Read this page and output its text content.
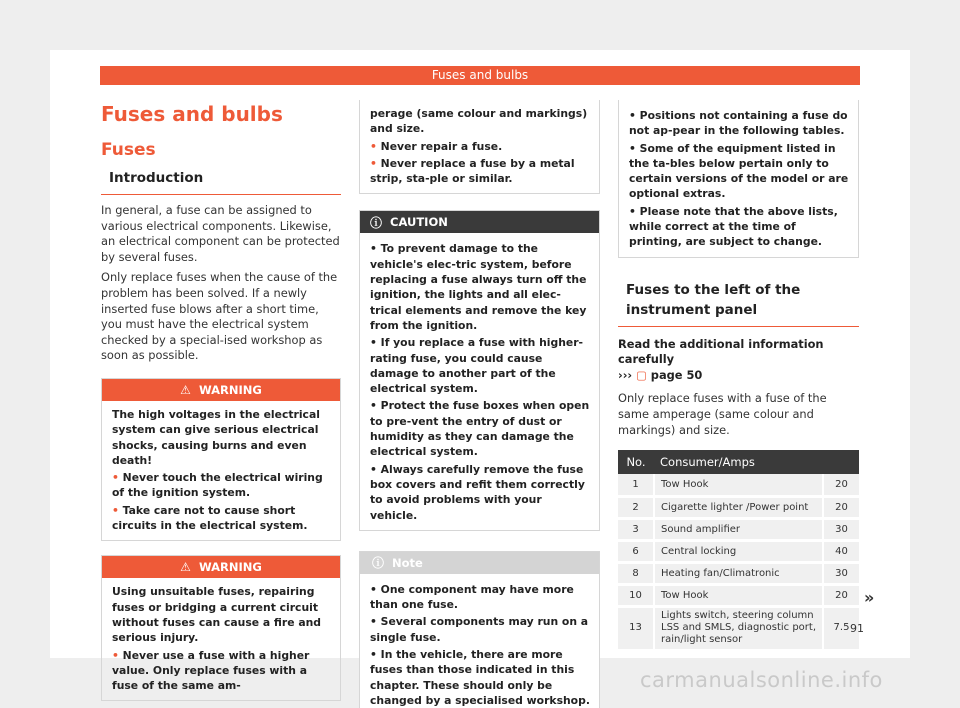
Fuses and bulbs
Fuses and bulbs
Fuses
Introduction
In general, a fuse can be assigned to various electrical components. Likewise, an electrical component can be protected by several fuses.
Only replace fuses when the cause of the problem has been solved. If a newly inserted fuse blows after a short time, you must have the electrical system checked by a special-ised workshop as soon as possible.
⚠ WARNING
The high voltages in the electrical system can give serious electrical shocks, causing burns and even death!
• Never touch the electrical wiring of the ignition system.
• Take care not to cause short circuits in the electrical system.
⚠ WARNING
Using unsuitable fuses, repairing fuses or bridging a current circuit without fuses can cause a fire and serious injury.
• Never use a fuse with a higher value. Only replace fuses with a fuse of the same am-
perage (same colour and markings) and size.
• Never repair a fuse.
• Never replace a fuse by a metal strip, sta-ple or similar.
ⓘ CAUTION
• To prevent damage to the vehicle's elec-tric system, before replacing a fuse always turn off the ignition, the lights and all elec-trical elements and remove the key from the ignition.
• If you replace a fuse with higher-rating fuse, you could cause damage to another part of the electrical system.
• Protect the fuse boxes when open to pre-vent the entry of dust or humidity as they can damage the electrical system.
• Always carefully remove the fuse box covers and refit them correctly to avoid problems with your vehicle.
ⓘ Note
• One component may have more than one fuse.
• Several components may run on a single fuse.
• In the vehicle, there are more fuses than those indicated in this chapter. These should only be changed by a specialised workshop.
• Positions not containing a fuse do not ap-pear in the following tables.
• Some of the equipment listed in the ta-bles below pertain only to certain versions of the model or are optional extras.
• Please note that the above lists, while correct at the time of printing, are subject to change.
Fuses to the left of the instrument panel
Read the additional information carefully
››› ▢ page 50
Only replace fuses with a fuse of the same amperage (same colour and markings) and size.
No.	Consumer/Amps	
1	Tow Hook	20
2	Cigarette lighter /Power point	20
3	Sound amplifier	30
6	Central locking	40
8	Heating fan/Climatronic	30
10	Tow Hook	20
13	Lights switch, steering column LSS and SMLS, diagnostic port, rain/light sensor	7.5
»
91
carmanualsonline.info
